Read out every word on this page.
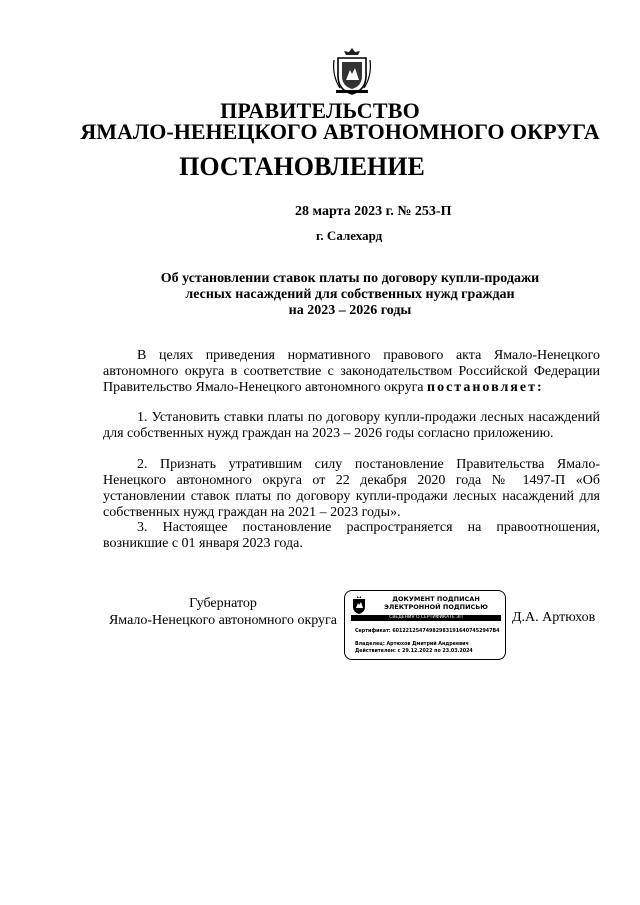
ПРАВИТЕЛЬСТВО
ЯМАЛО-НЕНЕЦКОГО АВТОНОМНОГО ОКРУГА
ПОСТАНОВЛЕНИЕ
28 марта 2023 г. № 253-П
г. Салехард
Об установлении ставок платы по договору купли-продажи
лесных насаждений для собственных нужд граждан
на 2023 – 2026 годы
В целях приведения нормативного правового акта Ямало-Ненецкого автономного округа в соответствие с законодательством Российской Федерации Правительство Ямало-Ненецкого автономного округа постановляет:
1. Установить ставки платы по договору купли-продажи лесных насаждений для собственных нужд граждан на 2023 – 2026 годы согласно приложению.
2. Признать утратившим силу постановление Правительства Ямало-Ненецкого автономного округа от 22 декабря 2020 года № 1497-П «Об установлении ставок платы по договору купли-продажи лесных насаждений для собственных нужд граждан на 2021 – 2023 годы».
3. Настоящее постановление распространяется на правоотношения, возникшие с 01 января 2023 года.
Губернатор
Ямало-Ненецкого автономного округа
ДОКУМЕНТ ПОДПИСАН
ЭЛЕКТРОННОЙ ПОДПИСЬЮ
СВЕДЕНИЯ О СЕРТИФИКАТЕ ЭП
Сертификат: 601221254749829831916407452947B4
Владелец: Артюхов Дмитрий Андреевич
Действителен: с 29.12.2022 по 23.03.2024
Д.А. Артюхов
